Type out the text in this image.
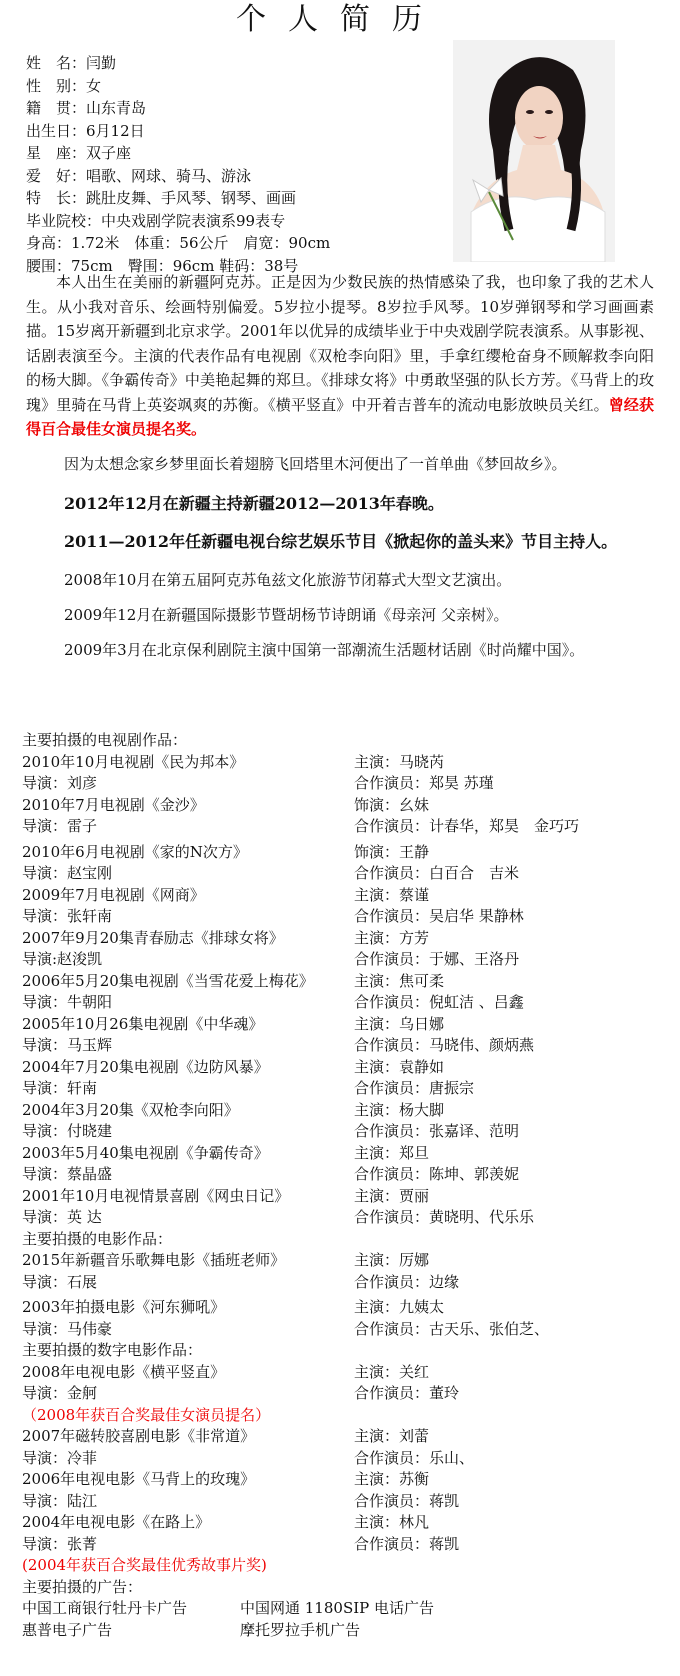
个人简历
姓　名：闫勤
性　别：女
籍　贯：山东青岛
出生日：6月12日
星　座：双子座
爱　好：唱歌、网球、骑马、游泳
特　长：跳肚皮舞、手风琴、钢琴、画画
毕业院校：中央戏剧学院表演系99表专
身高：1.72米　体重：56公斤　肩宽：90cm
腰围：75cm　臀围：96cm 鞋码：38号
本人出生在美丽的新疆阿克苏。正是因为少数民族的热情感染了我，也印象了我的艺术人生。从小我对音乐、绘画特别偏爱。5岁拉小提琴。8岁拉手风琴。10岁弹钢琴和学习画画素描。15岁离开新疆到北京求学。2001年以优异的成绩毕业于中央戏剧学院表演系。从事影视、话剧表演至今。主演的代表作品有电视剧《双枪李向阳》里，手拿红缨枪奋身不顾解救李向阳的杨大脚。《争霸传奇》中美艳起舞的郑旦。《排球女将》中勇敢坚强的队长方芳。《马背上的玫瑰》里骑在马背上英姿飒爽的苏衡。《横平竖直》中开着吉普车的流动电影放映员关红。曾经获得百合最佳女演员提名奖。
因为太想念家乡梦里面长着翅膀飞回塔里木河便出了一首单曲《梦回故乡》。
2012年12月在新疆主持新疆2012—2013年春晚。
2011—2012年任新疆电视台综艺娱乐节目《掀起你的盖头来》节目主持人。
2008年10月在第五届阿克苏龟兹文化旅游节闭幕式大型文艺演出。
2009年12月在新疆国际摄影节暨胡杨节诗朗诵《母亲河 父亲树》。
2009年3月在北京保利剧院主演中国第一部潮流生活题材话剧《时尚耀中国》。
主要拍摄的电视剧作品：
2010年10月电视剧《民为邦本》	主演：马晓芮
导演：刘彦	合作演员：郑昊 苏瑾
2010年7月电视剧《金沙》	饰演：幺妹
导演：雷子	合作演员：计春华，郑昊　金巧巧
2010年6月电视剧《家的N次方》	饰演：王静
导演：赵宝刚	合作演员：白百合　吉米
2009年7月电视剧《网商》	主演：蔡谨
导演：张轩南	合作演员：吴启华 果静林
2007年9月20集青春励志《排球女将》	主演：方芳
导演:赵浚凯	合作演员：于娜、王洛丹
2006年5月20集电视剧《当雪花爱上梅花》	主演：焦可柔
导演：牛朝阳	合作演员：倪虹洁 、吕鑫
2005年10月26集电视剧《中华魂》	主演：乌日娜
导演：马玉辉	合作演员：马晓伟、颜炳燕
2004年7月20集电视剧《边防风暴》	主演：袁静如
导演：轩南	合作演员：唐振宗
2004年3月20集《双枪李向阳》	主演：杨大脚
导演：付晓建	合作演员：张嘉译、范明
2003年5月40集电视剧《争霸传奇》	主演：郑旦
导演：蔡晶盛	合作演员：陈坤、郭羡妮
2001年10月电视情景喜剧《网虫日记》	主演：贾丽
导演：英 达	合作演员：黄晓明、代乐乐
主要拍摄的电影作品：
2015年新疆音乐歌舞电影《插班老师》	主演：厉娜
导演：石展	合作演员：边缘
2003年拍摄电影《河东狮吼》	主演：九姨太
导演：马伟豪	合作演员：古天乐、张伯芝、
主要拍摄的数字电影作品：
2008年电视电影《横平竖直》	主演：关红
导演：金舸	合作演员：董玲
（2008年获百合奖最佳女演员提名）
2007年磁转胶喜剧电影《非常道》	主演：刘蕾
导演：冷菲	合作演员：乐山、
2006年电视电影《马背上的玫瑰》	主演：苏衡
导演：陆江	合作演员：蒋凯
2004年电视电影《在路上》	主演：林凡
导演：张菁	合作演员：蒋凯
(2004年获百合奖最佳优秀故事片奖)
主要拍摄的广告：
中国工商银行牡丹卡广告	中国网通 1180SIP 电话广告
惠普电子广告	摩托罗拉手机广告
